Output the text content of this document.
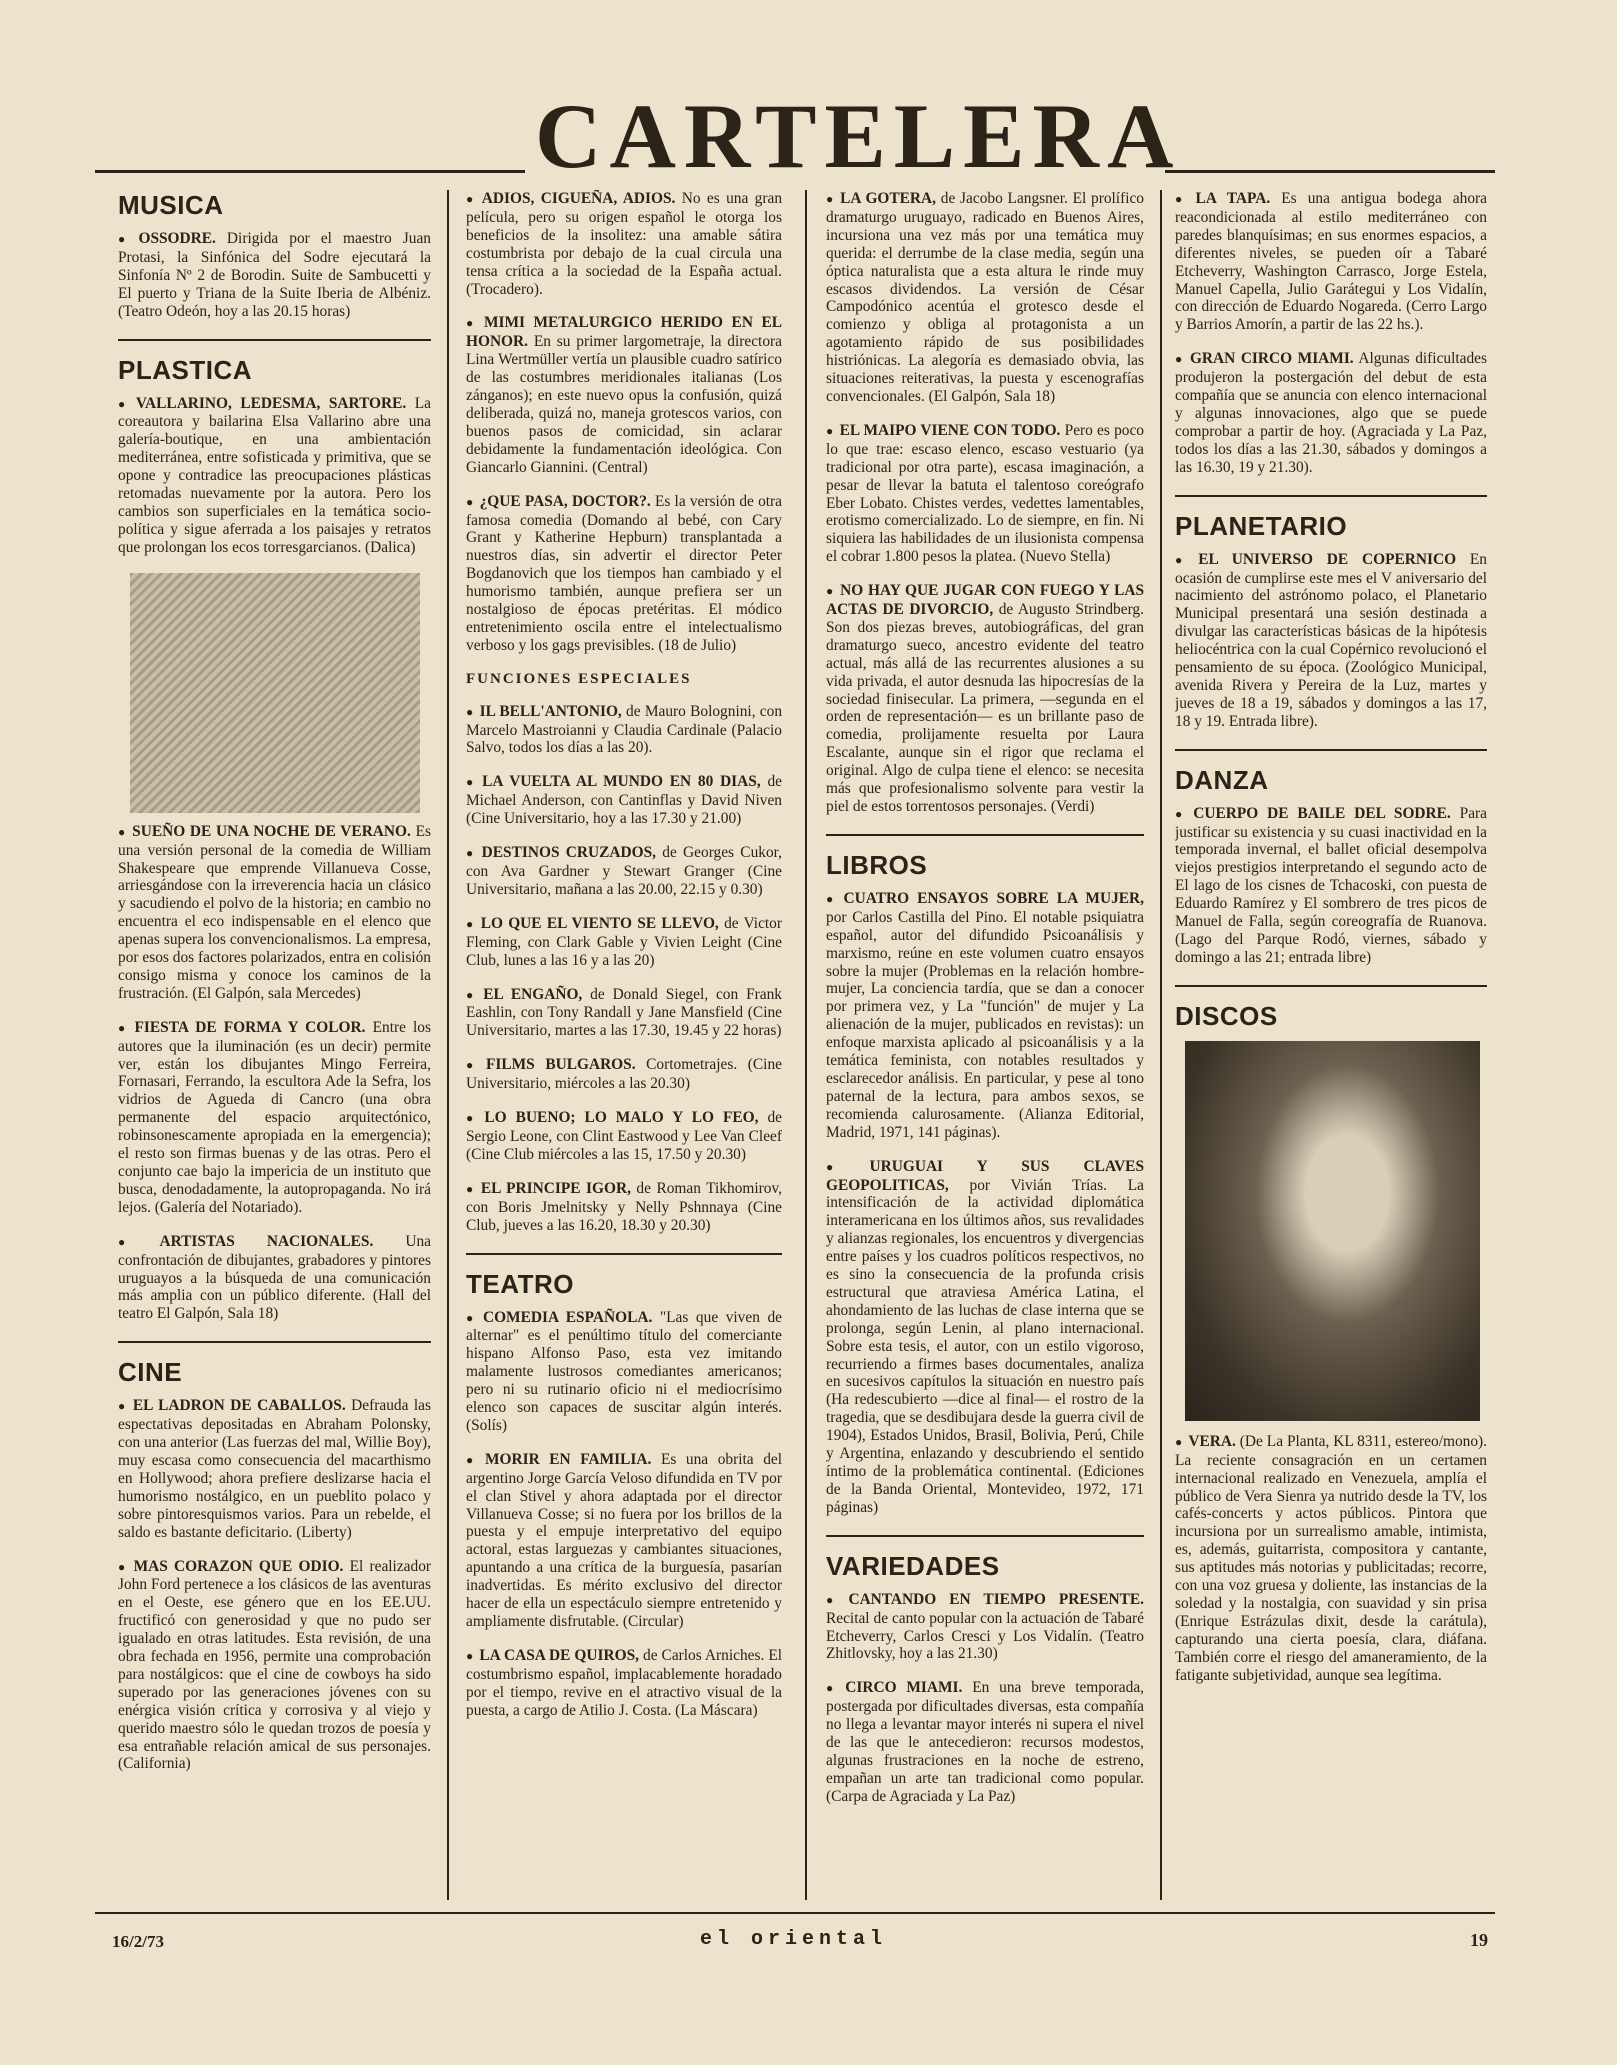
CARTELERA
MUSICA
● OSSODRE. Dirigida por el maestro Juan Protasi, la Sinfónica del Sodre ejecutará la Sinfonía Nº 2 de Borodin. Suite de Sambucetti y El puerto y Triana de la Suite Iberia de Albéniz. (Teatro Odeón, hoy a las 20.15 horas)
PLASTICA
● VALLARINO, LEDESMA, SARTORE. La coreautora y bailarina Elsa Vallarino abre una galería-boutique, en una ambientación mediterránea, entre sofisticada y primitiva, que se opone y contradice las preocupaciones plásticas retomadas nuevamente por la autora. Pero los cambios son superficiales en la temática socio-política y sigue aferrada a los paisajes y retratos que prolongan los ecos torresgarcianos. (Dalica)
● SUEÑO DE UNA NOCHE DE VERANO. Es una versión personal de la comedia de William Shakespeare que emprende Villanueva Cosse, arriesgándose con la irreverencia hacia un clásico y sacudiendo el polvo de la historia; en cambio no encuentra el eco indispensable en el elenco que apenas supera los convencionalismos. La empresa, por esos dos factores polarizados, entra en colisión consigo misma y conoce los caminos de la frustración. (El Galpón, sala Mercedes)
● FIESTA DE FORMA Y COLOR. Entre los autores que la iluminación (es un decir) permite ver, están los dibujantes Mingo Ferreira, Fornasari, Ferrando, la escultora Ade la Sefra, los vidrios de Agueda di Cancro (una obra permanente del espacio arquitectónico, robinsonescamente apropiada en la emergencia); el resto son firmas buenas y de las otras. Pero el conjunto cae bajo la impericia de un instituto que busca, denodadamente, la autopropaganda. No irá lejos. (Galería del Notariado).
● ARTISTAS NACIONALES. Una confrontación de dibujantes, grabadores y pintores uruguayos a la búsqueda de una comunicación más amplia con un público diferente. (Hall del teatro El Galpón, Sala 18)
CINE
● EL LADRON DE CABALLOS. Defrauda las espectativas depositadas en Abraham Polonsky, con una anterior (Las fuerzas del mal, Willie Boy), muy escasa como consecuencia del macarthismo en Hollywood; ahora prefiere deslizarse hacia el humorismo nostálgico, en un pueblito polaco y sobre pintoresquismos varios. Para un rebelde, el saldo es bastante deficitario. (Liberty)
● MAS CORAZON QUE ODIO. El realizador John Ford pertenece a los clásicos de las aventuras en el Oeste, ese género que en los EE.UU. fructificó con generosidad y que no pudo ser igualado en otras latitudes. Esta revisión, de una obra fechada en 1956, permite una comprobación para nostálgicos: que el cine de cowboys ha sido superado por las generaciones jóvenes con su enérgica visión crítica y corrosiva y al viejo y querido maestro sólo le quedan trozos de poesía y esa entrañable relación amical de sus personajes. (California)
● ADIOS, CIGUEÑA, ADIOS. No es una gran película, pero su origen español le otorga los beneficios de la insolitez: una amable sátira costumbrista por debajo de la cual circula una tensa crítica a la sociedad de la España actual. (Trocadero).
● MIMI METALURGICO HERIDO EN EL HONOR. En su primer largometraje, la directora Lina Wertmüller vertía un plausible cuadro satírico de las costumbres meridionales italianas (Los zánganos); en este nuevo opus la confusión, quizá deliberada, quizá no, maneja grotescos varios, con buenos pasos de comicidad, sin aclarar debidamente la fundamentación ideológica. Con Giancarlo Giannini. (Central)
● ¿QUE PASA, DOCTOR?. Es la versión de otra famosa comedia (Domando al bebé, con Cary Grant y Katherine Hepburn) transplantada a nuestros días, sin advertir el director Peter Bogdanovich que los tiempos han cambiado y el humorismo también, aunque prefiera ser un nostalgioso de épocas pretéritas. El módico entretenimiento oscila entre el intelectualismo verboso y los gags previsibles. (18 de Julio)
FUNCIONES ESPECIALES
● IL BELL'ANTONIO, de Mauro Bolognini, con Marcelo Mastroianni y Claudia Cardinale (Palacio Salvo, todos los días a las 20).
● LA VUELTA AL MUNDO EN 80 DIAS, de Michael Anderson, con Cantinflas y David Niven (Cine Universitario, hoy a las 17.30 y 21.00)
● DESTINOS CRUZADOS, de Georges Cukor, con Ava Gardner y Stewart Granger (Cine Universitario, mañana a las 20.00, 22.15 y 0.30)
● LO QUE EL VIENTO SE LLEVO, de Victor Fleming, con Clark Gable y Vivien Leight (Cine Club, lunes a las 16 y a las 20)
● EL ENGAÑO, de Donald Siegel, con Frank Eashlin, con Tony Randall y Jane Mansfield (Cine Universitario, martes a las 17.30, 19.45 y 22 horas)
● FILMS BULGAROS. Cortometrajes. (Cine Universitario, miércoles a las 20.30)
● LO BUENO; LO MALO Y LO FEO, de Sergio Leone, con Clint Eastwood y Lee Van Cleef (Cine Club miércoles a las 15, 17.50 y 20.30)
● EL PRINCIPE IGOR, de Roman Tikhomirov, con Boris Jmelnitsky y Nelly Pshnnaya (Cine Club, jueves a las 16.20, 18.30 y 20.30)
TEATRO
● COMEDIA ESPAÑOLA. "Las que viven de alternar" es el penúltimo título del comerciante hispano Alfonso Paso, esta vez imitando malamente lustrosos comediantes americanos; pero ni su rutinario oficio ni el mediocrísimo elenco son capaces de suscitar algún interés. (Solís)
● MORIR EN FAMILIA. Es una obrita del argentino Jorge García Veloso difundida en TV por el clan Stivel y ahora adaptada por el director Villanueva Cosse; si no fuera por los brillos de la puesta y el empuje interpretativo del equipo actoral, estas larguezas y cambiantes situaciones, apuntando a una crítica de la burguesía, pasarían inadvertidas. Es mérito exclusivo del director hacer de ella un espectáculo siempre entretenido y ampliamente disfrutable. (Circular)
● LA CASA DE QUIROS, de Carlos Arniches. El costumbrismo español, implacablemente horadado por el tiempo, revive en el atractivo visual de la puesta, a cargo de Atilio J. Costa. (La Máscara)
● LA GOTERA, de Jacobo Langsner. El prolífico dramaturgo uruguayo, radicado en Buenos Aires, incursiona una vez más por una temática muy querida: el derrumbe de la clase media, según una óptica naturalista que a esta altura le rinde muy escasos dividendos. La versión de César Campodónico acentúa el grotesco desde el comienzo y obliga al protagonista a un agotamiento rápido de sus posibilidades histriónicas. La alegoría es demasiado obvia, las situaciones reiterativas, la puesta y escenografías convencionales. (El Galpón, Sala 18)
● EL MAIPO VIENE CON TODO. Pero es poco lo que trae: escaso elenco, escaso vestuario (ya tradicional por otra parte), escasa imaginación, a pesar de llevar la batuta el talentoso coreógrafo Eber Lobato. Chistes verdes, vedettes lamentables, erotismo comercializado. Lo de siempre, en fin. Ni siquiera las habilidades de un ilusionista compensa el cobrar 1.800 pesos la platea. (Nuevo Stella)
● NO HAY QUE JUGAR CON FUEGO Y LAS ACTAS DE DIVORCIO, de Augusto Strindberg. Son dos piezas breves, autobiográficas, del gran dramaturgo sueco, ancestro evidente del teatro actual, más allá de las recurrentes alusiones a su vida privada, el autor desnuda las hipocresías de la sociedad finisecular. La primera, —segunda en el orden de representación— es un brillante paso de comedia, prolijamente resuelta por Laura Escalante, aunque sin el rigor que reclama el original. Algo de culpa tiene el elenco: se necesita más que profesionalismo solvente para vestir la piel de estos torrentosos personajes. (Verdi)
LIBROS
● CUATRO ENSAYOS SOBRE LA MUJER, por Carlos Castilla del Pino. El notable psiquiatra español, autor del difundido Psicoanálisis y marxismo, reúne en este volumen cuatro ensayos sobre la mujer (Problemas en la relación hombre-mujer, La conciencia tardía, que se dan a conocer por primera vez, y La "función" de mujer y La alienación de la mujer, publicados en revistas): un enfoque marxista aplicado al psicoanálisis y a la temática feminista, con notables resultados y esclarecedor análisis. En particular, y pese al tono paternal de la lectura, para ambos sexos, se recomienda calurosamente. (Alianza Editorial, Madrid, 1971, 141 páginas).
● URUGUAI Y SUS CLAVES GEOPOLITICAS, por Vivián Trías. La intensificación de la actividad diplomática interamericana en los últimos años, sus revalidades y alianzas regionales, los encuentros y divergencias entre países y los cuadros políticos respectivos, no es sino la consecuencia de la profunda crisis estructural que atraviesa América Latina, el ahondamiento de las luchas de clase interna que se prolonga, según Lenin, al plano internacional. Sobre esta tesis, el autor, con un estilo vigoroso, recurriendo a firmes bases documentales, analiza en sucesivos capítulos la situación en nuestro país (Ha redescubierto —dice al final— el rostro de la tragedia, que se desdibujara desde la guerra civil de 1904), Estados Unidos, Brasil, Bolivia, Perú, Chile y Argentina, enlazando y descubriendo el sentido íntimo de la problemática continental. (Ediciones de la Banda Oriental, Montevideo, 1972, 171 páginas)
VARIEDADES
● CANTANDO EN TIEMPO PRESENTE. Recital de canto popular con la actuación de Tabaré Etcheverry, Carlos Cresci y Los Vidalín. (Teatro Zhitlovsky, hoy a las 21.30)
● CIRCO MIAMI. En una breve temporada, postergada por dificultades diversas, esta compañía no llega a levantar mayor interés ni supera el nivel de las que le antecedieron: recursos modestos, algunas frustraciones en la noche de estreno, empañan un arte tan tradicional como popular. (Carpa de Agraciada y La Paz)
● LA TAPA. Es una antigua bodega ahora reacondicionada al estilo mediterráneo con paredes blanquísimas; en sus enormes espacios, a diferentes niveles, se pueden oír a Tabaré Etcheverry, Washington Carrasco, Jorge Estela, Manuel Capella, Julio Garátegui y Los Vidalín, con dirección de Eduardo Nogareda. (Cerro Largo y Barrios Amorín, a partir de las 22 hs.).
● GRAN CIRCO MIAMI. Algunas dificultades produjeron la postergación del debut de esta compañía que se anuncia con elenco internacional y algunas innovaciones, algo que se puede comprobar a partir de hoy. (Agraciada y La Paz, todos los días a las 21.30, sábados y domingos a las 16.30, 19 y 21.30).
PLANETARIO
● EL UNIVERSO DE COPERNICO En ocasión de cumplirse este mes el V aniversario del nacimiento del astrónomo polaco, el Planetario Municipal presentará una sesión destinada a divulgar las características básicas de la hipótesis heliocéntrica con la cual Copérnico revolucionó el pensamiento de su época. (Zoológico Municipal, avenida Rivera y Pereira de la Luz, martes y jueves de 18 a 19, sábados y domingos a las 17, 18 y 19. Entrada libre).
DANZA
● CUERPO DE BAILE DEL SODRE. Para justificar su existencia y su cuasi inactividad en la temporada invernal, el ballet oficial desempolva viejos prestigios interpretando el segundo acto de El lago de los cisnes de Tchacoski, con puesta de Eduardo Ramírez y El sombrero de tres picos de Manuel de Falla, según coreografía de Ruanova. (Lago del Parque Rodó, viernes, sábado y domingo a las 21; entrada libre)
DISCOS
● VERA. (De La Planta, KL 8311, estereo/mono). La reciente consagración en un certamen internacional realizado en Venezuela, amplía el público de Vera Sienra ya nutrido desde la TV, los cafés-concerts y actos públicos. Pintora que incursiona por un surrealismo amable, intimista, es, además, guitarrista, compositora y cantante, sus aptitudes más notorias y publicitadas; recorre, con una voz gruesa y doliente, las instancias de la soledad y la nostalgia, con suavidad y sin prisa (Enrique Estrázulas dixit, desde la carátula), capturando una cierta poesía, clara, diáfana. También corre el riesgo del amaneramiento, de la fatigante subjetividad, aunque sea legítima.
16/2/73	el oriental	19
